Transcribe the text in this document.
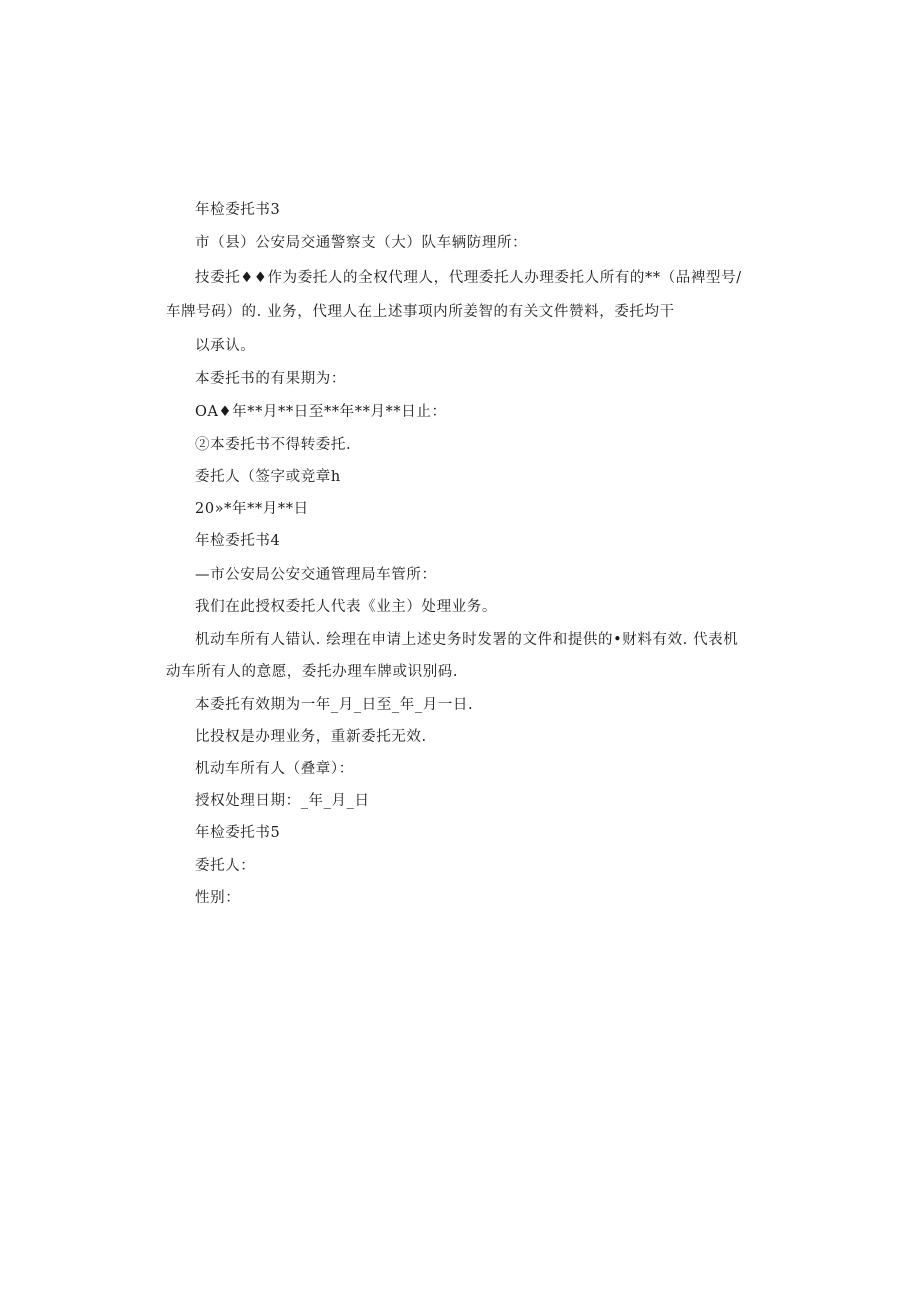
年检委托书3
市（县）公安局交通警察支（大）队车辆防理所：
技委托♦♦作为委托人的全权代理人，代理委托人办理委托人所有的**（品裨型号/
车牌号码）的. 业务，代理人在上述事项内所姜智的有关文件赞料，委托均干
以承认。
本委托书的有果期为：
OA♦年**月**日至**年**月**日止：
②本委托书不得转委托.
委托人（签字或竞章h
20»*年**月**日
年检委托书4
—市公安局公安交通管理局车管所：
我们在此授权委托人代表《业主）处理业务。
机动车所有人错认. 绘理在申请上述史务时发署的文件和提供的•财料有效. 代表机
动车所有人的意愿，委托办理车牌或识别码.
本委托有效期为一年_月_日至_年_月一日.
比投权是办理业务，重新委托无效.
机动车所有人（叠章）：
授权处理日期：_年_月_日
年检委托书5
委托人：
性别：
